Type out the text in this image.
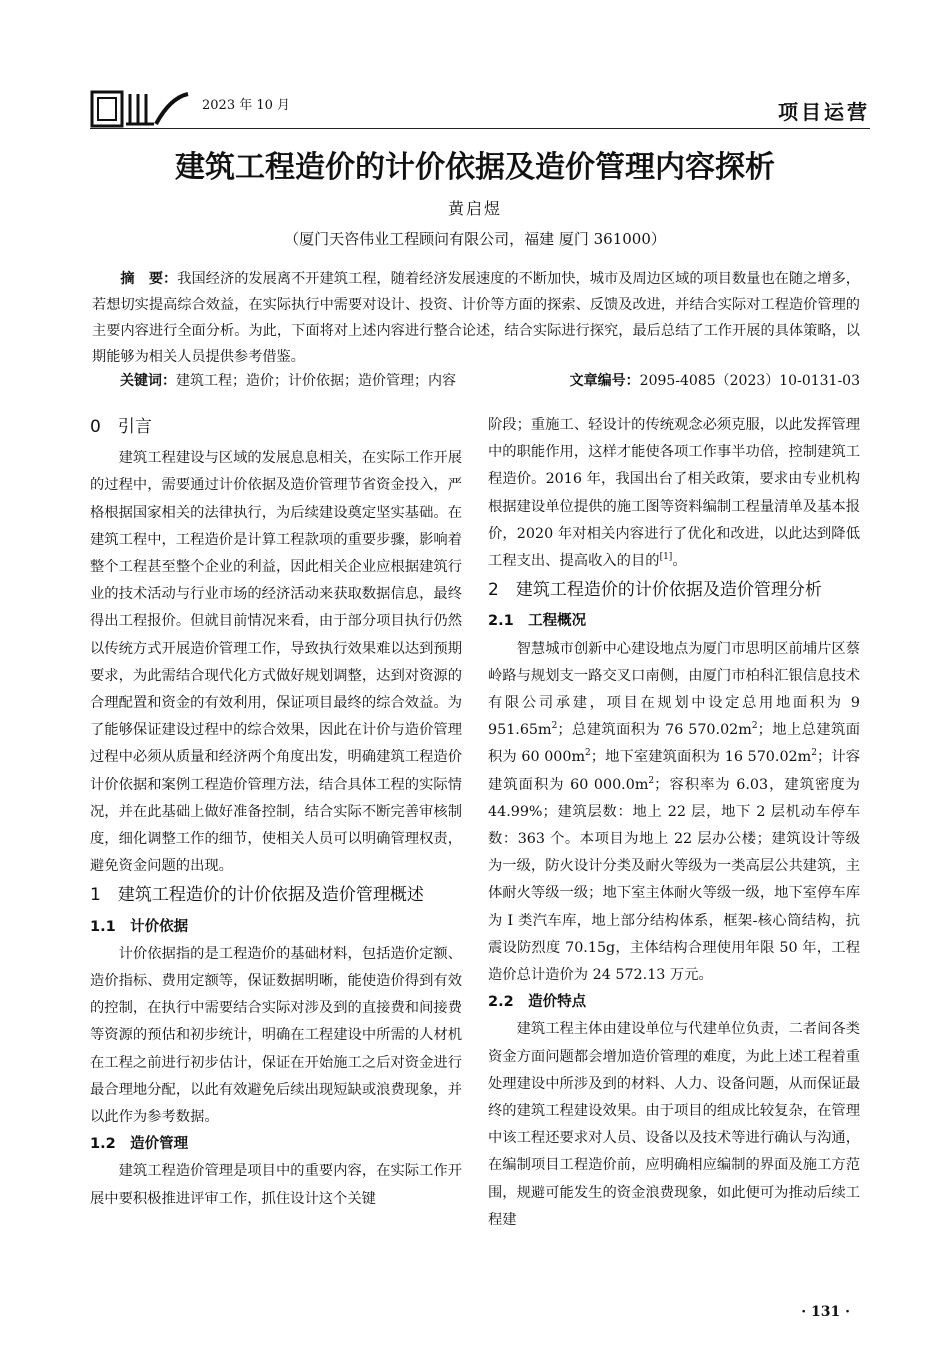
2023 年 10 月	项目运营
建筑工程造价的计价依据及造价管理内容探析
黄启煜
（厦门天咨伟业工程顾问有限公司，福建 厦门 361000）
摘　要：我国经济的发展离不开建筑工程，随着经济发展速度的不断加快，城市及周边区域的项目数量也在随之增多，若想切实提高综合效益，在实际执行中需要对设计、投资、计价等方面的探索、反馈及改进，并结合实际对工程造价管理的主要内容进行全面分析。为此，下面将对上述内容进行整合论述，结合实际进行探究，最后总结了工作开展的具体策略，以期能够为相关人员提供参考借鉴。
关键词：建筑工程；造价；计价依据；造价管理；内容	文章编号：2095-4085（2023）10-0131-03
0　引言

建筑工程建设与区域的发展息息相关，在实际工作开展的过程中，需要通过计价依据及造价管理节省资金投入，严格根据国家相关的法律执行，为后续建设奠定坚实基础。在建筑工程中，工程造价是计算工程款项的重要步骤，影响着整个工程甚至整个企业的利益，因此相关企业应根据建筑行业的技术活动与行业市场的经济活动来获取数据信息，最终得出工程报价。但就目前情况来看，由于部分项目执行仍然以传统方式开展造价管理工作，导致执行效果难以达到预期要求，为此需结合现代化方式做好规划调整，达到对资源的合理配置和资金的有效利用，保证项目最终的综合效益。为了能够保证建设过程中的综合效果，因此在计价与造价管理过程中必须从质量和经济两个角度出发，明确建筑工程造价计价依据和案例工程造价管理方法，结合具体工程的实际情况，并在此基础上做好准备控制，结合实际不断完善审核制度，细化调整工作的细节，使相关人员可以明确管理权责，避免资金问题的出现。

1　建筑工程造价的计价依据及造价管理概述
1.1　计价依据

计价依据指的是工程造价的基础材料，包括造价定额、造价指标、费用定额等，保证数据明晰，能使造价得到有效的控制，在执行中需要结合实际对涉及到的直接费和间接费等资源的预估和初步统计，明确在工程建设中所需的人材机在工程之前进行初步估计，保证在开始施工之后对资金进行最合理地分配，以此有效避免后续出现短缺或浪费现象，并以此作为参考数据。

1.2　造价管理

建筑工程造价管理是项目中的重要内容，在实际工作开展中要积极推进评审工作，抓住设计这个关键

阶段；重施工、轻设计的传统观念必须克服，以此发挥管理中的职能作用，这样才能使各项工作事半功倍，控制建筑工程造价。2016 年，我国出台了相关政策，要求由专业机构根据建设单位提供的施工图等资料编制工程量清单及基本报价，2020 年对相关内容进行了优化和改进，以此达到降低工程支出、提高收入的目的[1]。

2　建筑工程造价的计价依据及造价管理分析
2.1　工程概况

智慧城市创新中心建设地点为厦门市思明区前埔片区蔡岭路与规划支一路交叉口南侧，由厦门市柏科汇银信息技术有限公司承建，项目在规划中设定总用地面积为 9 $951.65m^2$；总建筑面积为 76 $570.02m^2$；地上总建筑面积为 60 $000m^2$；地下室建筑面积为 16 $570.02m^2$；计容建筑面积为 60 $000.0m^2$；容积率为 6.03，建筑密度为 44.99%；建筑层数：地上 22 层，地下 2 层机动车停车数：363 个。本项目为地上 22 层办公楼；建筑设计等级为一级，防火设计分类及耐火等级为一类高层公共建筑，主体耐火等级一级；地下室主体耐火等级一级，地下室停车库为 I 类汽车库，地上部分结构体系，框架-核心筒结构，抗震设防烈度 70.15g，主体结构合理使用年限 50 年，工程造价总计造价为 24 572.13 万元。

2.2　造价特点

建筑工程主体由建设单位与代建单位负责，二者间各类资金方面问题都会增加造价管理的难度，为此上述工程着重处理建设中所涉及到的材料、人力、设备问题，从而保证最终的建筑工程建设效果。由于项目的组成比较复杂，在管理中该工程还要求对人员、设备以及技术等进行确认与沟通，在编制项目工程造价前，应明确相应编制的界面及施工方范围，规避可能发生的资金浪费现象，如此便可为推动后续工程建

· 131 ·
